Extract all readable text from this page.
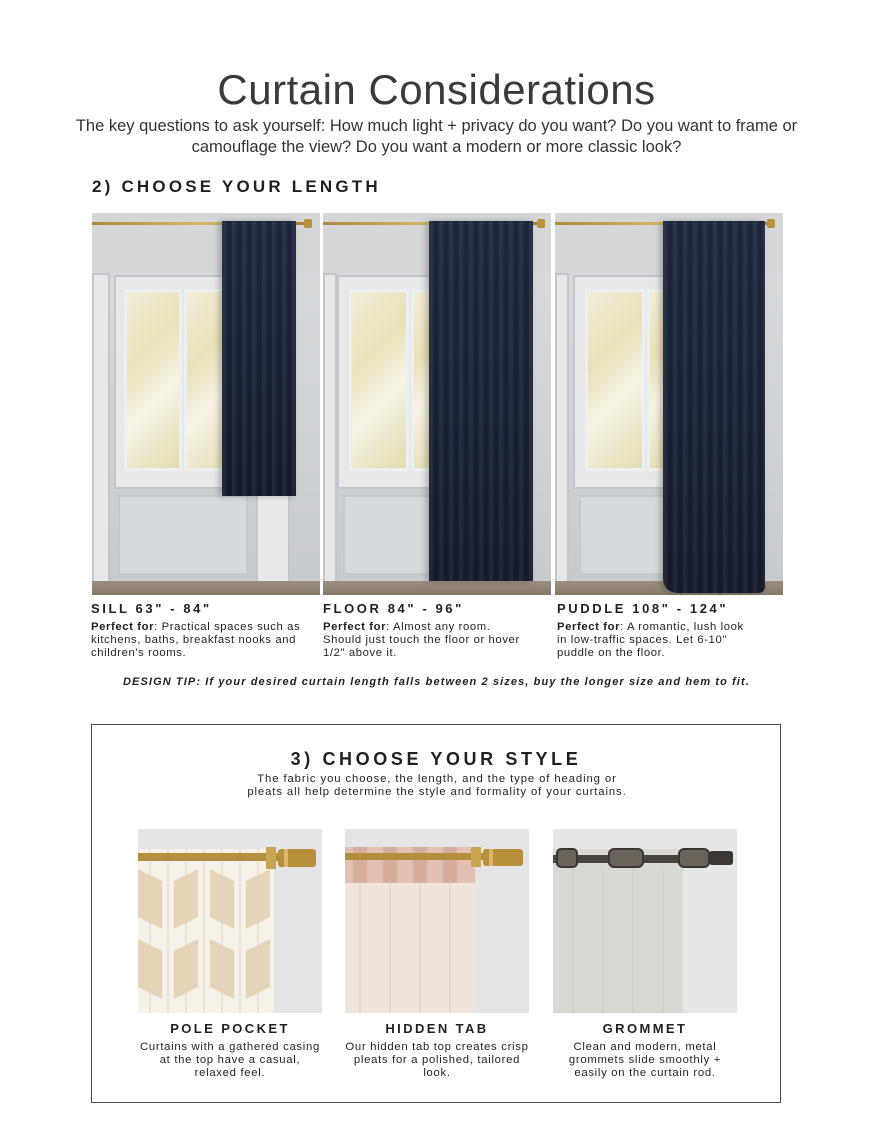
Curtain Considerations

The key questions to ask yourself: How much light + privacy do you want? Do you want to frame or camouflage the view? Do you want a modern or more classic look?

2) CHOOSE YOUR LENGTH
SILL 63" - 84"

Perfect for: Practical spaces such as kitchens, baths, breakfast nooks and children's rooms.

FLOOR 84" - 96"

Perfect for: Almost any room. Should just touch the floor or hover 1/2" above it.

PUDDLE 108" - 124"

Perfect for: A romantic, lush look in low-traffic spaces. Let 6-10" puddle on the floor.

DESIGN TIP: If your desired curtain length falls between 2 sizes, buy the longer size and hem to fit.

3) CHOOSE YOUR STYLE

The fabric you choose, the length, and the type of heading or pleats all help determine the style and formality of your curtains.

POLE POCKET

Curtains with a gathered casing at the top have a casual, relaxed feel.

HIDDEN TAB

Our hidden tab top creates crisp pleats for a polished, tailored look.

GROMMET

Clean and modern, metal grommets slide smoothly + easily on the curtain rod.
